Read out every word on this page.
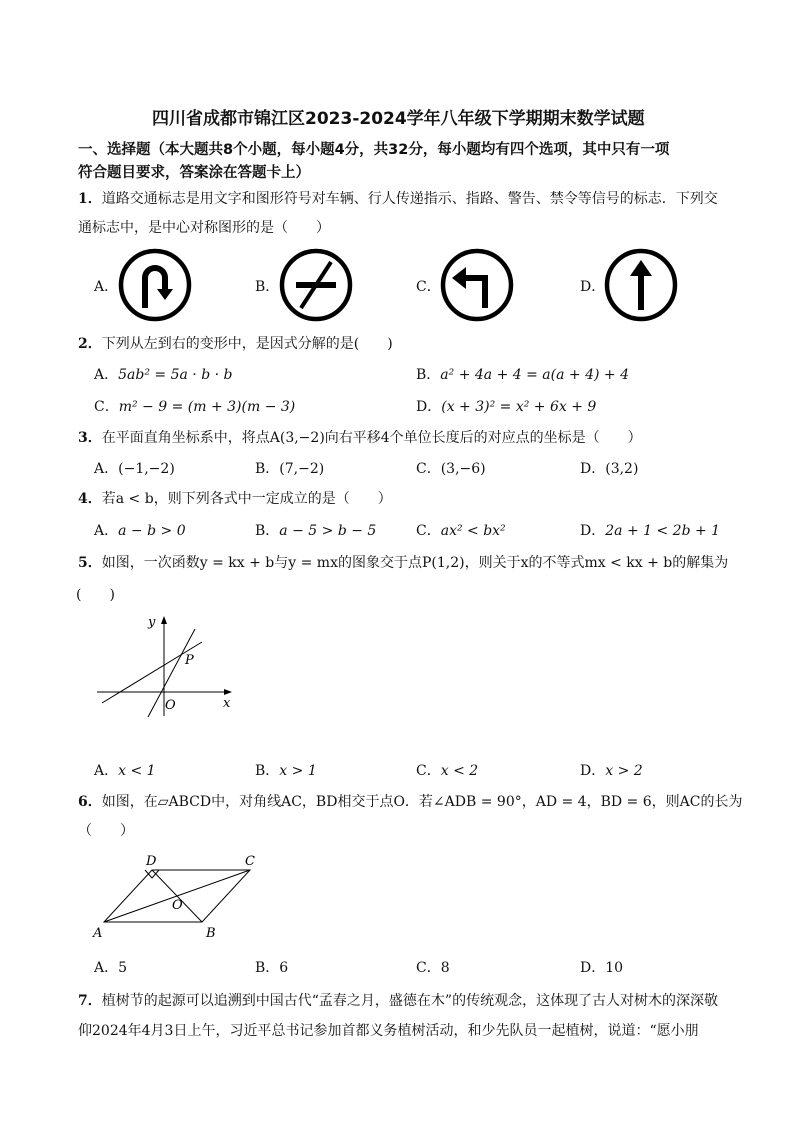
四川省成都市锦江区2023-2024学年八年级下学期期末数学试题
一、选择题（本大题共8个小题，每小题4分，共32分，每小题均有四个选项，其中只有一项
符合题目要求，答案涂在答题卡上）
1．道路交通标志是用文字和图形符号对车辆、行人传递指示、指路、警告、禁令等信号的标志．下列交
通标志中，是中心对称图形的是（　　）
A．	B．	C．	D．
2．下列从左到右的变形中，是因式分解的是(　　)
A．5ab² = 5a · b · b	B．a² + 4a + 4 = a(a + 4) + 4
C．m² − 9 = (m + 3)(m − 3)	D．(x + 3)² = x² + 6x + 9
3．在平面直角坐标系中，将点A(3,−2)向右平移4个单位长度后的对应点的坐标是（　　）
A．(−1,−2)	B．(7,−2)	C．(3,−6)	D．(3,2)
4．若a < b，则下列各式中一定成立的是（　　）
A．a − b > 0	B．a − 5 > b − 5	C．ax² < bx²	D．2a + 1 < 2b + 1
5．如图，一次函数y = kx + b与y = mx的图象交于点P(1,2)，则关于x的不等式mx < kx + b的解集为
(　　)
y
x
O
P
A．x < 1	B．x > 1	C．x < 2	D．x > 2
6．如图，在▱ABCD中，对角线AC，BD相交于点O．若∠ADB = 90°，AD = 4，BD = 6，则AC的长为
（　　）
A	B
C
D
O
A．5	B．6	C．8	D．10
7．植树节的起源可以追溯到中国古代“孟春之月，盛德在木”的传统观念，这体现了古人对树木的深深敬
仰2024年4月3日上午，习近平总书记参加首都义务植树活动，和少先队员一起植树，说道：“愿小朋
